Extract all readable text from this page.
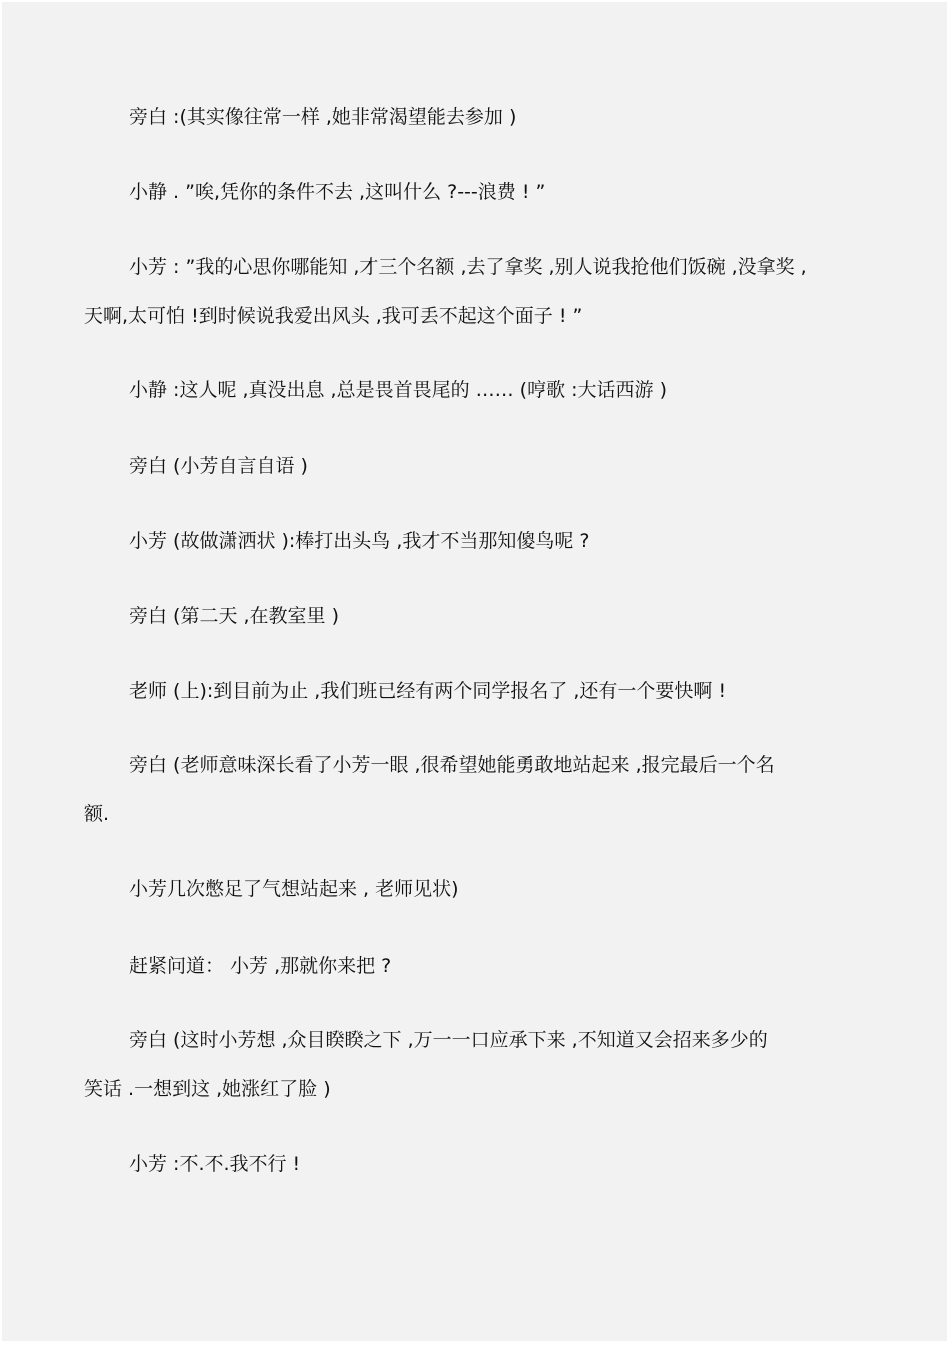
旁白 :(其实像往常一样 ,她非常渴望能去参加 )
小静 . ”唉,凭你的条件不去 ,这叫什么 ?---浪费 ! ”
小芳 : ”我的心思你哪能知 ,才三个名额 ,去了拿奖 ,别人说我抢他们饭碗 ,没拿奖 ,
天啊,太可怕 !到时候说我爱出风头 ,我可丢不起这个面子 ! ”
小静 :这人呢 ,真没出息 ,总是畏首畏尾的 …… (哼歌 :大话西游 )
旁白 (小芳自言自语 )
小芳 (故做潇洒状 ):棒打出头鸟 ,我才不当那知傻鸟呢 ?
旁白 (第二天 ,在教室里 )
老师 (上):到目前为止 ,我们班已经有两个同学报名了 ,还有一个要快啊 !
旁白 (老师意味深长看了小芳一眼 ,很希望她能勇敢地站起来 ,报完最后一个名
额.
小芳几次憋足了气想站起来 , 老师见状)
赶紧问道： 小芳 ,那就你来把 ?
旁白 (这时小芳想 ,众目睽睽之下 ,万一一口应承下来 ,不知道又会招来多少的
笑话 .一想到这 ,她涨红了脸 )
小芳 :不.不.我不行 !
